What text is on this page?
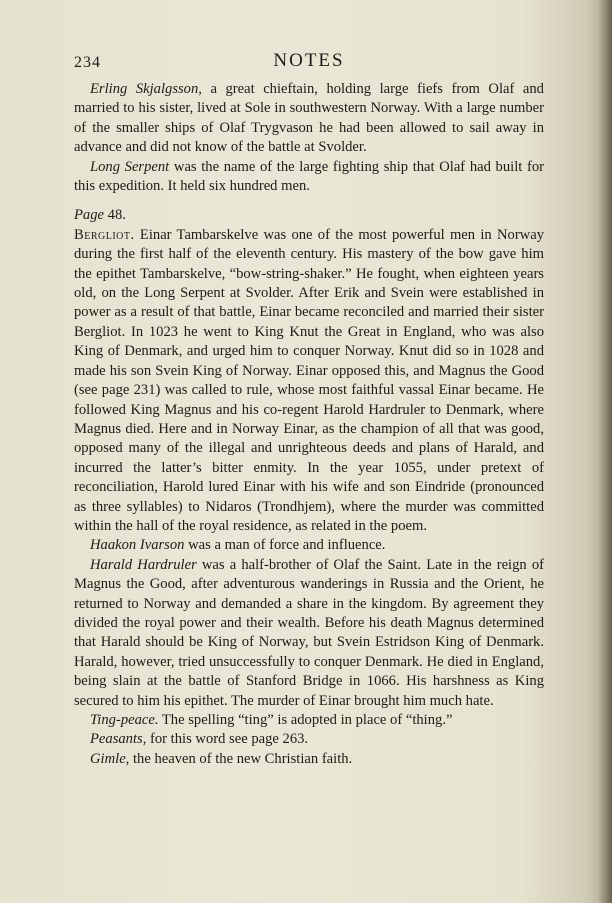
234	NOTES

Erling Skjalgsson, a great chieftain, holding large fiefs from Olaf and married to his sister, lived at Sole in southwestern Norway. With a large number of the smaller ships of Olaf Trygvason he had been allowed to sail away in advance and did not know of the battle at Svolder.

Long Serpent was the name of the large fighting ship that Olaf had built for this expedition. It held six hundred men.

Page 48.

Bergliot. Einar Tambarskelve was one of the most powerful men in Norway during the first half of the eleventh century. His mastery of the bow gave him the epithet Tambarskelve, “bow-string-shaker.” He fought, when eighteen years old, on the Long Serpent at Svolder. After Erik and Svein were established in power as a result of that battle, Einar became reconciled and married their sister Bergliot. In 1023 he went to King Knut the Great in England, who was also King of Denmark, and urged him to conquer Norway. Knut did so in 1028 and made his son Svein King of Norway. Einar opposed this, and Magnus the Good (see page 231) was called to rule, whose most faithful vassal Einar became. He followed King Magnus and his co-regent Harold Hardruler to Denmark, where Magnus died. Here and in Norway Einar, as the champion of all that was good, opposed many of the illegal and unrighteous deeds and plans of Harald, and incurred the latter’s bitter enmity. In the year 1055, under pretext of reconciliation, Harold lured Einar with his wife and son Eindride (pronounced as three syllables) to Nidaros (Trondhjem), where the murder was committed within the hall of the royal residence, as related in the poem.

Haakon Ivarson was a man of force and influence.

Harald Hardruler was a half-brother of Olaf the Saint. Late in the reign of Magnus the Good, after adventurous wanderings in Russia and the Orient, he returned to Norway and demanded a share in the kingdom. By agreement they divided the royal power and their wealth. Before his death Magnus determined that Harald should be King of Norway, but Svein Estridson King of Denmark. Harald, however, tried unsuccessfully to conquer Denmark. He died in England, being slain at the battle of Stanford Bridge in 1066. His harshness as King secured to him his epithet. The murder of Einar brought him much hate.

Ting-peace. The spelling “ting” is adopted in place of “thing.”

Peasants, for this word see page 263.

Gimle, the heaven of the new Christian faith.
